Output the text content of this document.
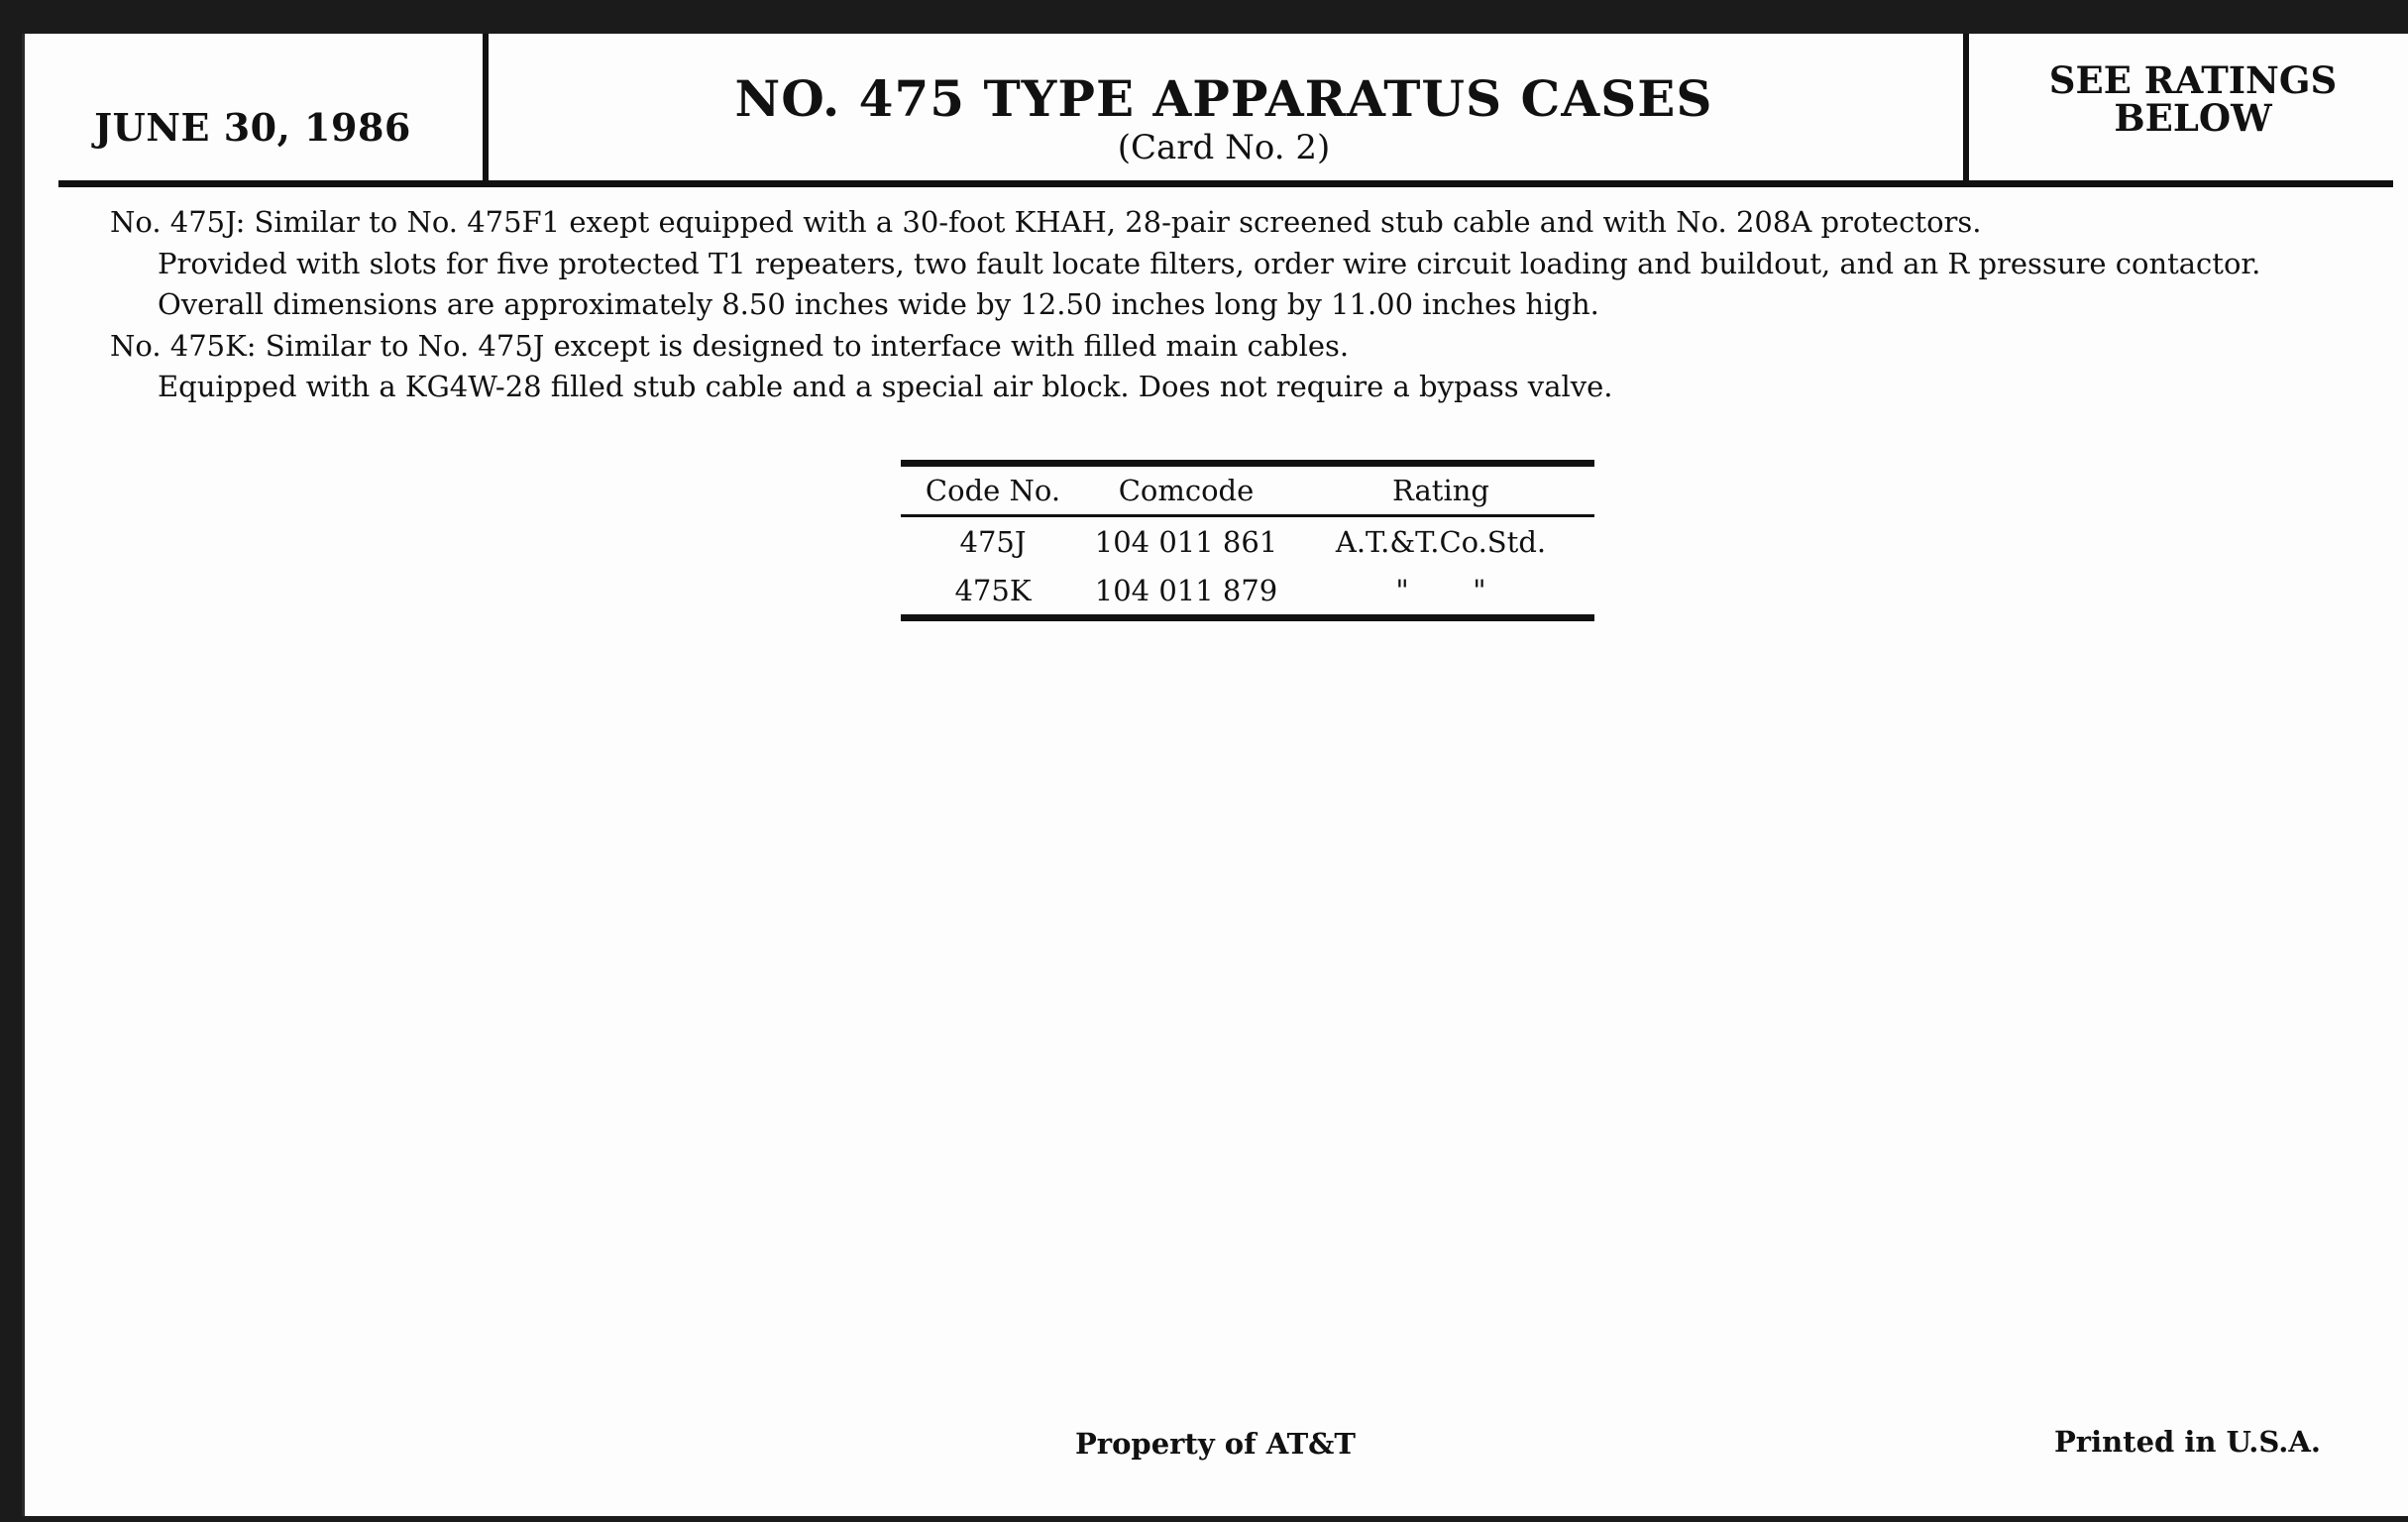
JUNE 30, 1986	NO. 475 TYPE APPARATUS CASES
(Card No. 2)
SEE RATINGS
BELOW

No. 475J: Similar to No. 475F1 exept equipped with a 30-foot KHAH, 28-pair screened stub cable and with No. 208A protectors.

Provided with slots for five protected T1 repeaters, two fault locate filters, order wire circuit loading and buildout, and an R pressure contactor.

Overall dimensions are approximately 8.50 inches wide by 12.50 inches long by 11.00 inches high.

No. 475K: Similar to No. 475J except is designed to interface with filled main cables.

Equipped with a KG4W-28 filled stub cable and a special air block. Does not require a bypass valve.

Code No.	Comcode	Rating
475J	104 011 861	A.T.&T.Co.Std.
475K	104 011 879	"       "
Property of AT&T	Printed in U.S.A.
